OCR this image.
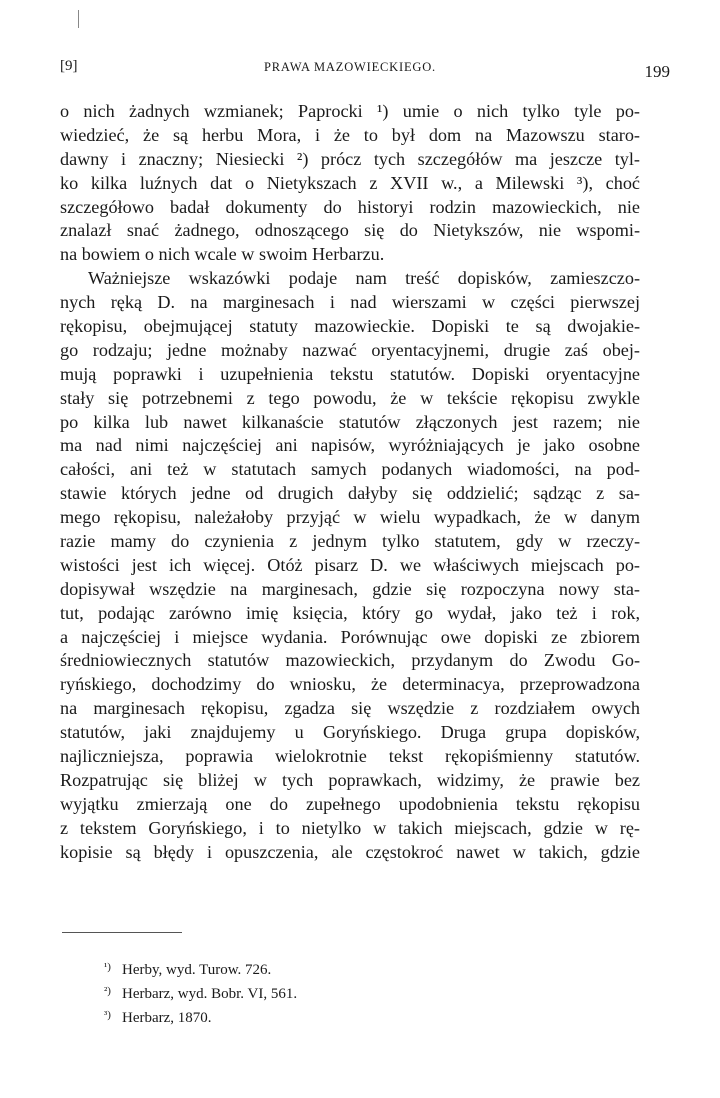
[9]	PRAWA MAZOWIECKIEGO.	199
o nich żadnych wzmianek; Paprocki ¹) umie o nich tylko tyle po-
wiedzieć, że są herbu Mora, i że to był dom na Mazowszu staro-
dawny i znaczny; Niesiecki ²) prócz tych szczegółów ma jeszcze tyl-
ko kilka luźnych dat o Nietykszach z XVII w., a Milewski ³), choć
szczegółowo badał dokumenty do historyi rodzin mazowieckich, nie
znalazł snać żadnego, odnoszącego się do Nietykszów, nie wspomi-
na bowiem o nich wcale w swoim Herbarzu.
Ważniejsze wskazówki podaje nam treść dopisków, zamieszczo-
nych ręką D. na marginesach i nad wierszami w części pierwszej
rękopisu, obejmującej statuty mazowieckie. Dopiski te są dwojakie-
go rodzaju; jedne możnaby nazwać oryentacyjnemi, drugie zaś obej-
mują poprawki i uzupełnienia tekstu statutów. Dopiski oryentacyjne
stały się potrzebnemi z tego powodu, że w tekście rękopisu zwykle
po kilka lub nawet kilkanaście statutów złączonych jest razem; nie
ma nad nimi najczęściej ani napisów, wyróżniających je jako osobne
całości, ani też w statutach samych podanych wiadomości, na pod-
stawie których jedne od drugich dałyby się oddzielić; sądząc z sa-
mego rękopisu, należałoby przyjąć w wielu wypadkach, że w danym
razie mamy do czynienia z jednym tylko statutem, gdy w rzeczy-
wistości jest ich więcej. Otóż pisarz D. we właściwych miejscach po-
dopisywał wszędzie na marginesach, gdzie się rozpoczyna nowy sta-
tut, podając zarówno imię księcia, który go wydał, jako też i rok,
a najczęściej i miejsce wydania. Porównując owe dopiski ze zbiorem
średniowiecznych statutów mazowieckich, przydanym do Zwodu Go-
ryńskiego, dochodzimy do wniosku, że determinacya, przeprowadzona
na marginesach rękopisu, zgadza się wszędzie z rozdziałem owych
statutów, jaki znajdujemy u Goryńskiego. Druga grupa dopisków,
najliczniejsza, poprawia wielokrotnie tekst rękopiśmienny statutów.
Rozpatrując się bliżej w tych poprawkach, widzimy, że prawie bez
wyjątku zmierzają one do zupełnego upodobnienia tekstu rękopisu
z tekstem Goryńskiego, i to nietylko w takich miejscach, gdzie w rę-
kopisie są błędy i opuszczenia, ale częstokroć nawet w takich, gdzie
¹) Herby, wyd. Turow. 726.
²) Herbarz, wyd. Bobr. VI, 561.
³) Herbarz, 1870.
